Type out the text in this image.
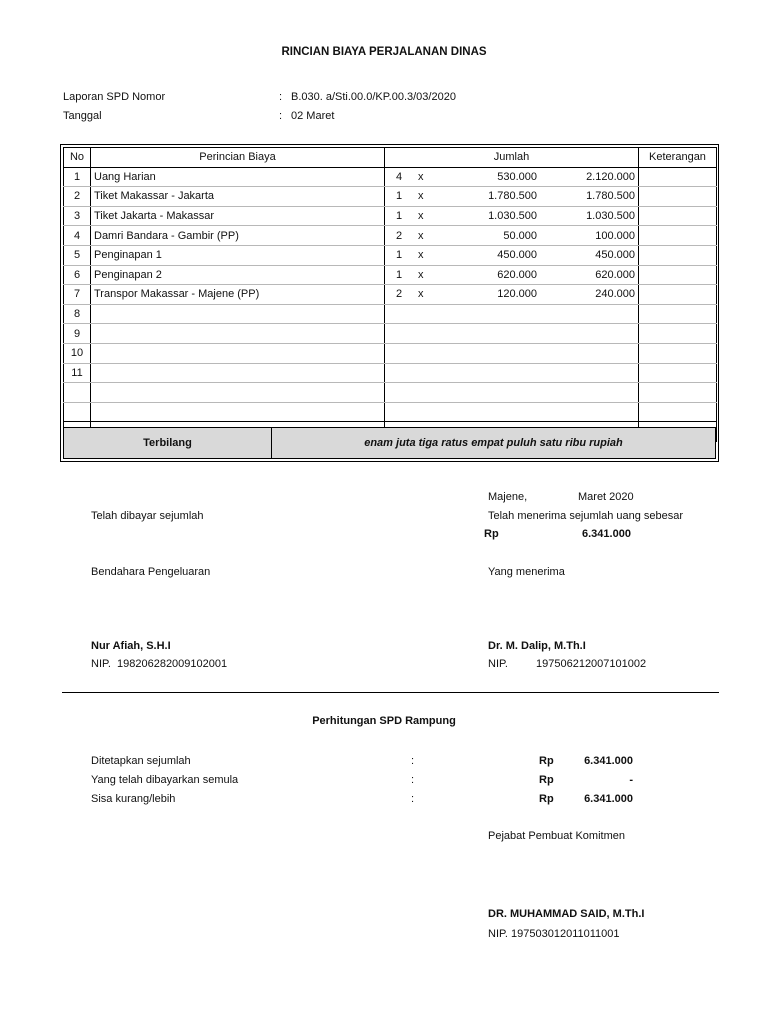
RINCIAN BIAYA PERJALANAN DINAS
Laporan SPD Nomor	: B.030. a/Sti.00.0/KP.00.3/03/2020
Tanggal	: 02 Maret
No	Perincian Biaya	Jumlah	Keterangan
1	Uang Harian	4 x 530.000 2.120.000	

2	Tiket Makassar - Jakarta	1 x 1.780.500 1.780.500	

3	Tiket Jakarta - Makassar	1 x 1.030.500 1.030.500	

4	Damri Bandara - Gambir (PP)	2 x 50.000 100.000	

5	Penginapan 1	1 x 450.000 450.000	

6	Penginapan 2	1 x 620.000 620.000	

7	Transpor Makassar - Majene (PP)	2 x 120.000 240.000	

8		

9		

10		

11		

Terbilang	enam juta tiga ratus empat puluh satu ribu rupiah
Majene,	Maret 2020
Telah dibayar sejumlah	Telah menerima sejumlah uang sebesar
Rp	6.341.000
Bendahara Pengeluaran	Yang menerima
Nur Afiah, S.H.I	Dr. M. Dalip, M.Th.I
NIP. 198206282009102001	NIP.	197506212007101002
Perhitungan SPD Rampung
Ditetapkan sejumlah	:	Rp	6.341.000
Yang telah dibayarkan semula	:	Rp	-
Sisa kurang/lebih	:	Rp	6.341.000
Pejabat Pembuat Komitmen
DR. MUHAMMAD SAID, M.Th.I
NIP. 197503012011011001
